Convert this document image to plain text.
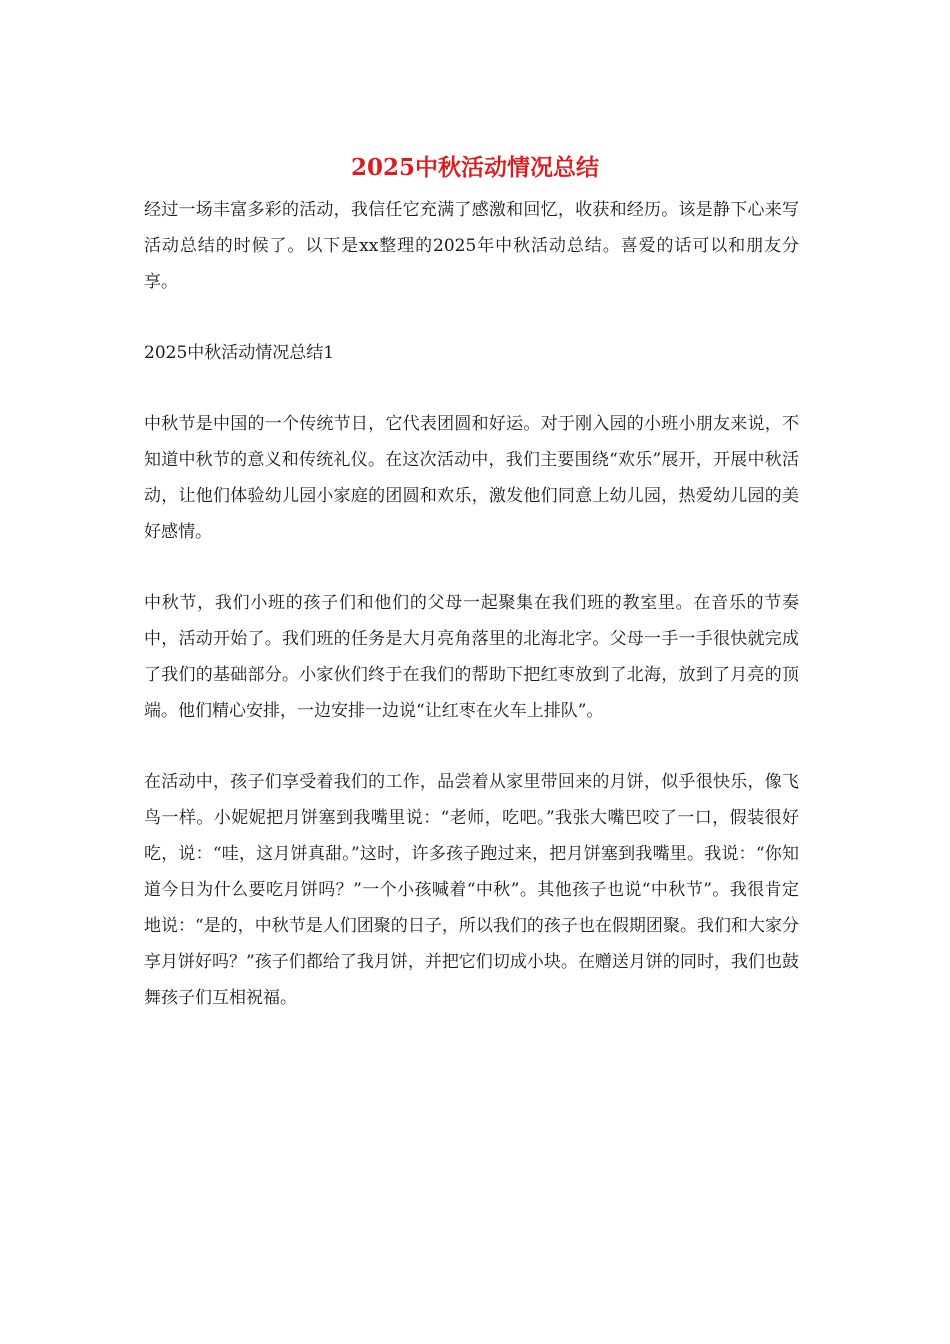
2025中秋活动情况总结

经过一场丰富多彩的活动，我信任它充满了感激和回忆，收获和经历。该是静下心来写活动总结的时候了。以下是xx整理的2025年中秋活动总结。喜爱的话可以和朋友分享。

2025中秋活动情况总结1

中秋节是中国的一个传统节日，它代表团圆和好运。对于刚入园的小班小朋友来说，不知道中秋节的意义和传统礼仪。在这次活动中，我们主要围绕“欢乐”展开，开展中秋活动，让他们体验幼儿园小家庭的团圆和欢乐，激发他们同意上幼儿园，热爱幼儿园的美好感情。

中秋节，我们小班的孩子们和他们的父母一起聚集在我们班的教室里。在音乐的节奏中，活动开始了。我们班的任务是大月亮角落里的北海北字。父母一手一手很快就完成了我们的基础部分。小家伙们终于在我们的帮助下把红枣放到了北海，放到了月亮的顶端。他们精心安排，一边安排一边说“让红枣在火车上排队”。

在活动中，孩子们享受着我们的工作，品尝着从家里带回来的月饼，似乎很快乐，像飞鸟一样。小妮妮把月饼塞到我嘴里说：“老师，吃吧。”我张大嘴巴咬了一口，假装很好吃，说：“哇，这月饼真甜。”这时，许多孩子跑过来，把月饼塞到我嘴里。我说：“你知道今日为什么要吃月饼吗？”一个小孩喊着“中秋”。其他孩子也说“中秋节”。我很肯定地说：“是的，中秋节是人们团聚的日子，所以我们的孩子也在假期团聚。我们和大家分享月饼好吗？”孩子们都给了我月饼，并把它们切成小块。在赠送月饼的同时，我们也鼓舞孩子们互相祝福。
